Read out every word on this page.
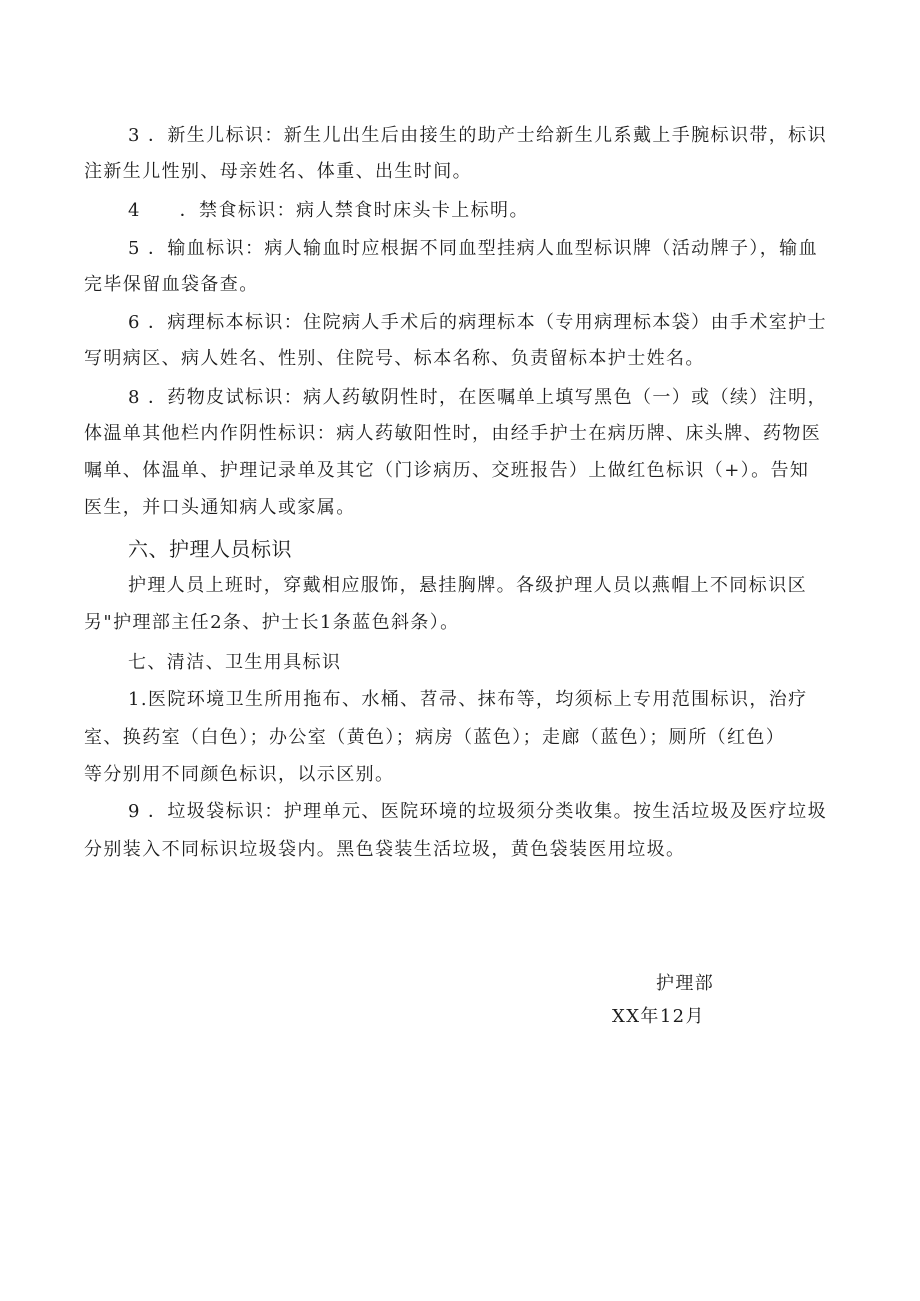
3 ．新生儿标识：新生儿出生后由接生的助产士给新生儿系戴上手腕标识带，标识
注新生儿性别、母亲姓名、体重、出生时间。
4　　．禁食标识：病人禁食时床头卡上标明。
5 ．输血标识：病人输血时应根据不同血型挂病人血型标识牌（活动牌子），输血
完毕保留血袋备查。
6 ．病理标本标识：住院病人手术后的病理标本（专用病理标本袋）由手术室护士
写明病区、病人姓名、性别、住院号、标本名称、负责留标本护士姓名。
8 ．药物皮试标识：病人药敏阴性时，在医嘱单上填写黑色（一）或（续）注明，
体温单其他栏内作阴性标识：病人药敏阳性时，由经手护士在病历牌、床头牌、药物医
嘱单、体温单、护理记录单及其它（门诊病历、交班报告）上做红色标识（+）。告知
医生，并口头通知病人或家属。
六、护理人员标识
护理人员上班时，穿戴相应服饰，悬挂胸牌。各级护理人员以燕帽上不同标识区
另"护理部主任2条、护士长1条蓝色斜条）。
七、清洁、卫生用具标识
1.医院环境卫生所用拖布、水桶、苕帚、抹布等，均须标上专用范围标识，治疗
室、换药室（白色）；办公室（黄色）；病房（蓝色）；走廊（蓝色）；厕所（红色）
等分别用不同颜色标识，以示区别。
9 ．垃圾袋标识：护理单元、医院环境的垃圾须分类收集。按生活垃圾及医疗垃圾
分别装入不同标识垃圾袋内。黑色袋装生活垃圾，黄色袋装医用垃圾。
护理部
XX年12月
